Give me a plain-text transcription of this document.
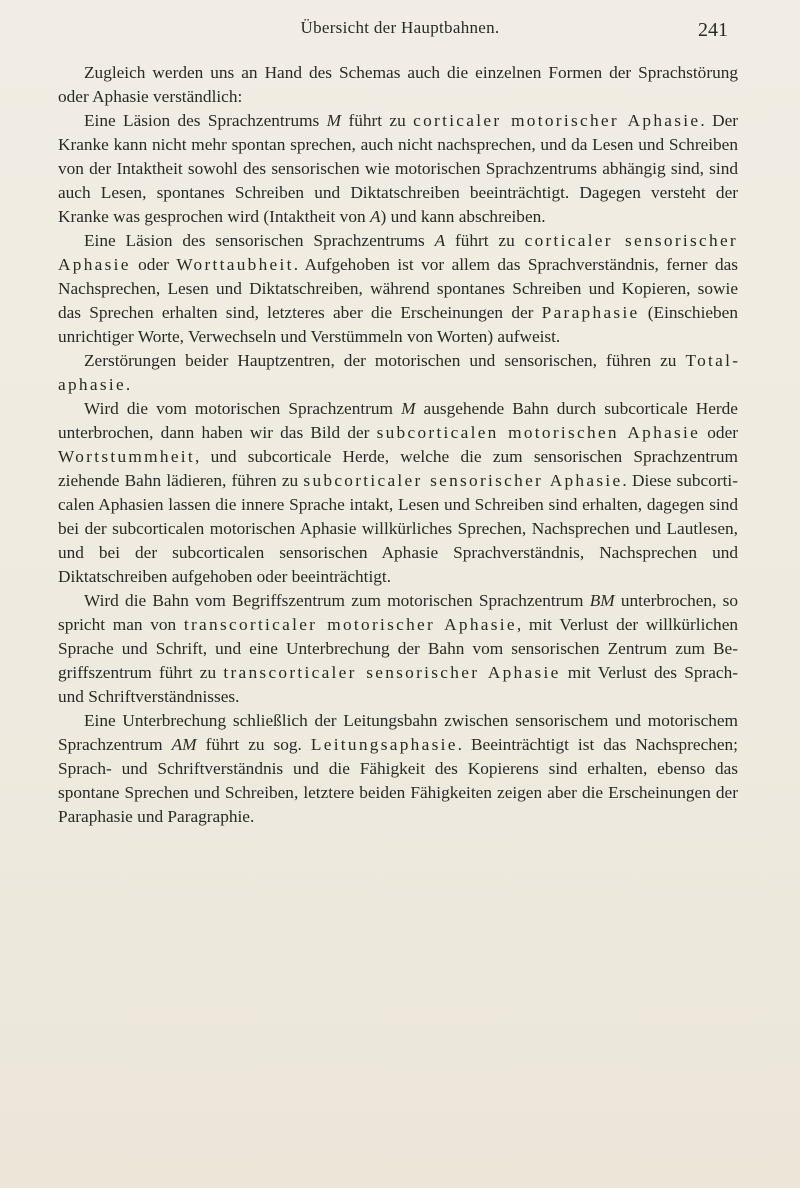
Übersicht der Hauptbahnen.	241

Zugleich werden uns an Hand des Schemas auch die einzelnen Formen der Sprachstörung oder Aphasie verständlich:

Eine Läsion des Sprachzentrums M führt zu corticaler motorischer Aphasie. Der Kranke kann nicht mehr spontan sprechen, auch nicht nachsprechen, und da Lesen und Schreiben von der Intaktheit sowohl des sensorischen wie motorischen Sprachzentrums abhängig sind, sind auch Lesen, spontanes Schreiben und Diktatschreiben beeinträchtigt. Dagegen versteht der Kranke was gesprochen wird (Intaktheit von A) und kann abschreiben.

Eine Läsion des sensorischen Sprachzentrums A führt zu corticaler sensorischer Aphasie oder Worttaubheit. Aufgehoben ist vor allem das Sprachverständnis, ferner das Nachsprechen, Lesen und Diktatschreiben, während spontanes Schreiben und Kopieren, sowie das Sprechen erhalten sind, letzteres aber die Erscheinungen der Paraphasie (Einschieben unrichtiger Worte, Verwechseln und Verstümmeln von Worten) aufweist.

Zerstörungen beider Hauptzentren, der motorischen und sensorischen, führen zu Totalaphasie.

Wird die vom motorischen Sprachzentrum M ausgehende Bahn durch subcorticale Herde unterbrochen, dann haben wir das Bild der subcorticalen motorischen Aphasie oder Wortstummheit, und subcorticale Herde, welche die zum sensorischen Sprachzentrum ziehende Bahn lädieren, führen zu subcorticaler sensorischer Aphasie. Diese subcorticalen Aphasien lassen die innere Sprache intakt, Lesen und Schreiben sind erhalten, dagegen sind bei der subcorticalen motorischen Aphasie willkürliches Sprechen, Nachsprechen und Lautlesen, und bei der subcorticalen sensorischen Aphasie Sprachverständnis, Nachsprechen und Diktatschreiben aufgehoben oder beeinträchtigt.

Wird die Bahn vom Begriffszentrum zum motorischen Sprachzentrum BM unterbrochen, so spricht man von transcorticaler motorischer Aphasie, mit Verlust der willkürlichen Sprache und Schrift, und eine Unterbrechung der Bahn vom sensorischen Zentrum zum Begriffszentrum führt zu transcorticaler sensorischer Aphasie mit Verlust des Sprach- und Schriftverständnisses.

Eine Unterbrechung schließlich der Leitungsbahn zwischen sensorischem und motorischem Sprachzentrum AM führt zu sog. Leitungsaphasie. Beeinträchtigt ist das Nachsprechen; Sprach- und Schriftverständnis und die Fähigkeit des Kopierens sind erhalten, ebenso das spontane Sprechen und Schreiben, letztere beiden Fähigkeiten zeigen aber die Erscheinungen der Paraphasie und Paragraphie.
